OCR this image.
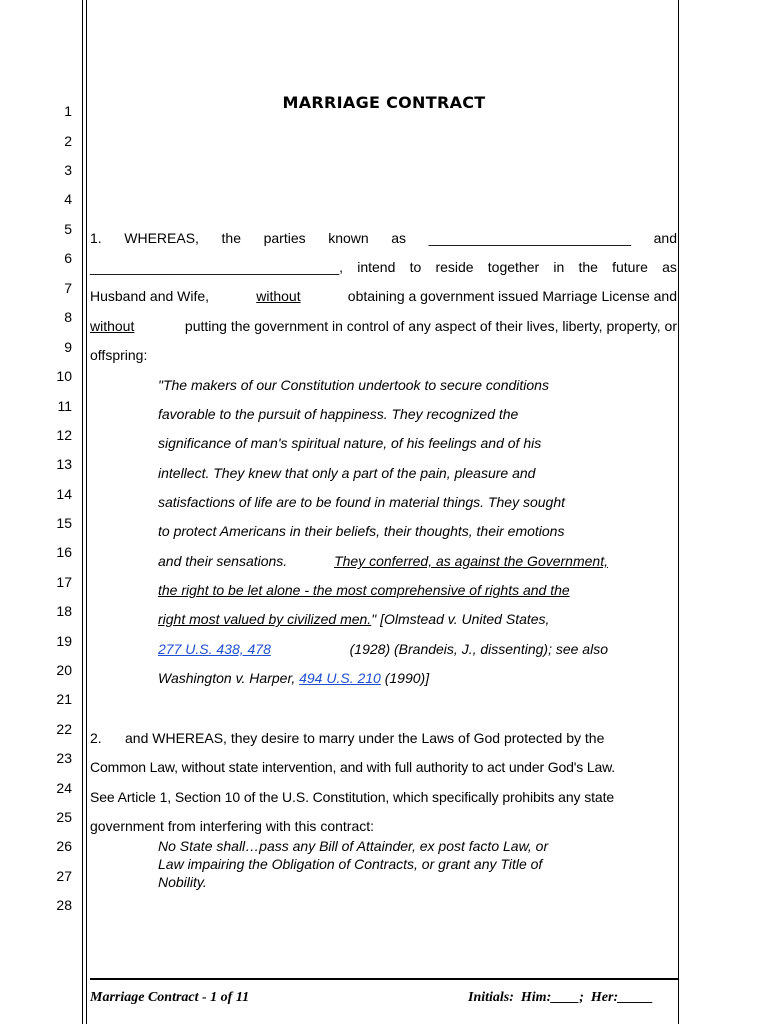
1
2
3
4
5
6
7
8
9
10
11
12
13
14
15
16
17
18
19
20
21
22
23
24
25
26
27
28
MARRIAGE CONTRACT
1. WHEREAS, the parties known as __________________________ and
________________________________, intend to reside together in the future as
Husband and Wife,	without	obtaining a government issued Marriage License and
without	putting the government in control of any aspect of their lives, liberty, property, or
offspring:
"The makers of our Constitution undertook to secure conditions
favorable to the pursuit of happiness. They recognized the
significance of man's spiritual nature, of his feelings and of his
intellect. They knew that only a part of the pain, pleasure and
satisfactions of life are to be found in material things. They sought
to protect Americans in their beliefs, their thoughts, their emotions
and their sensations.	They conferred, as against the Government,
the right to be let alone - the most comprehensive of rights and the
right most valued by civilized men." [Olmstead v. United States,
277 U.S. 438, 478	(1928) (Brandeis, J., dissenting); see also
Washington v. Harper, 494 U.S. 210 (1990)]
2.      and WHEREAS, they desire to marry under the Laws of God protected by the
Common Law, without state intervention, and with full authority to act under God's Law.
See Article 1, Section 10 of the U.S. Constitution, which specifically prohibits any state
government from interfering with this contract:
No State shall…pass any Bill of Attainder, ex post facto Law, or
Law impairing the Obligation of Contracts, or grant any Title of
Nobility.
Marriage Contract - 1 of 11	Initials:  Him:____;  Her:_____
